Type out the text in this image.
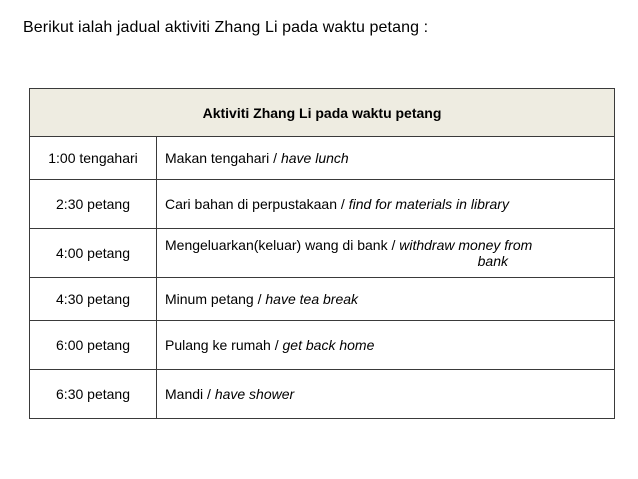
Berikut ialah jadual aktiviti Zhang Li pada waktu petang :
Aktiviti Zhang Li pada waktu petang	
1:00 tengahari	Makan tengahari / have lunch
2:30 petang	Cari bahan di perpustakaan / find for materials in library
4:00 petang	Mengeluarkan(keluar) wang di bank / withdraw money from
bank

4:30 petang	Minum petang / have tea break
6:00 petang	Pulang ke rumah / get back home
6:30 petang	Mandi / have shower
